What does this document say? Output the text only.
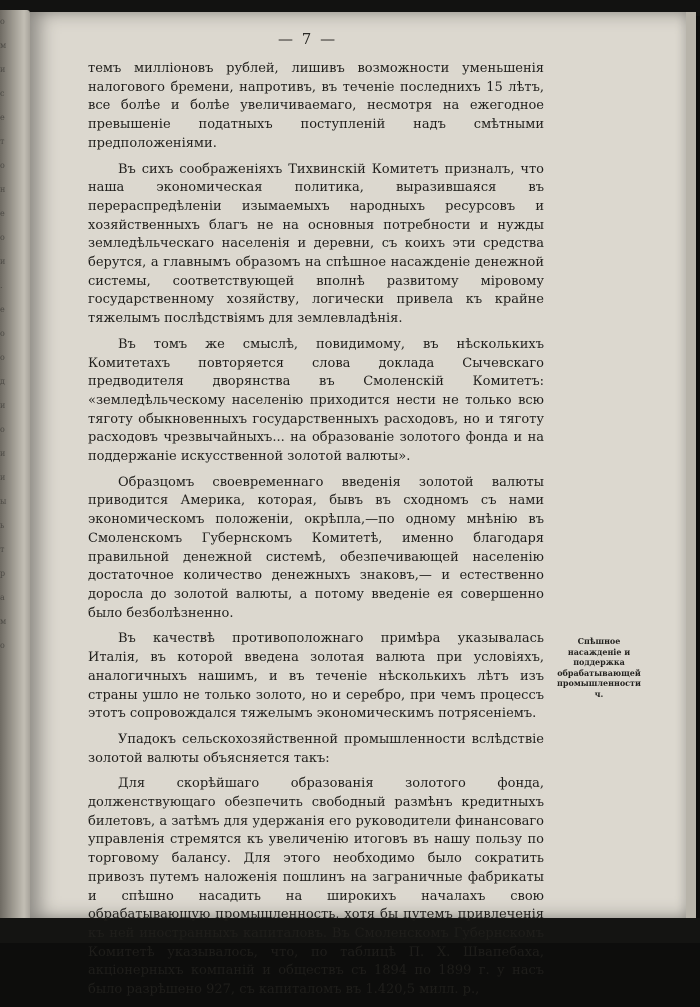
о
м
и
с
е
т
о
н
e
о
и
.
е
о
о
д
и
о
и
и
ы
ь
т
р
а
м
о
— 7 —

темъ миллiоновъ рублей, лишивъ возможности уменьшенiя налогового бремени, напротивъ, въ теченiе последнихъ 15 лѣтъ, все болѣе и болѣе увеличиваемаго, несмотря на ежегодное превышенiе податныхъ поступленiй надъ смѣтными предположенiями.

Въ сихъ соображенiяхъ Тихвинскiй Комитетъ призналъ, что наша экономическая политика, выразившаяся въ перераспредѣленiи изымаемыхъ народныхъ ресурсовъ и хозяйственныхъ благъ не на основныя потребности и нужды земледѣльческаго населенiя и деревни, съ коихъ эти средства берутся, а главнымъ образомъ на спѣшное насажденiе денежной системы, соответствующей вполнѣ развитому мiровому государственному хозяйству, логически привела къ крайне тяжелымъ послѣдствiямъ для землевладѣнiя.

Въ томъ же смыслѣ, повидимому, въ нѣсколькихъ Комитетахъ повторяется слова доклада Сычевскаго предводителя дворянства въ Смоленскiй Комитетъ: «земледѣльческому населенiю приходится нести не только всю тяготу обыкновенныхъ государственныхъ расходовъ, но и тяготу расходовъ чрезвычайныхъ... на образованiе золотого фонда и на поддержанiе искусственной золотой валюты».

Образцомъ своевременнаго введенiя золотой валюты приводится Америка, которая, бывъ въ сходномъ съ нами экономическомъ положенiи, окрѣпла,—по одному мнѣнiю въ Смоленскомъ Губернскомъ Комитетѣ, именно благодаря правильной денежной системѣ, обезпечивающей населенiю достаточное количество денежныхъ знаковъ,— и естественно доросла до золотой валюты, а потому введенiе ея совершенно было безболѣзненно.

Въ качествѣ противоположнаго примѣра указывалась Италiя, въ которой введена золотая валюта при условiяхъ, аналогичныхъ нашимъ, и въ теченiе нѣсколькихъ лѣтъ изъ страны ушло не только золото, но и серебро, при чемъ процессъ этотъ сопровождался тяжелымъ экономическимъ потрясенiемъ.

Упадокъ сельскохозяйственной промышленности вслѣдствiе золотой валюты объясняется такъ:

Для скорѣйшаго образованiя золотого фонда, долженствующаго обезпечить свободный размѣнъ кредитныхъ билетовъ, а затѣмъ для удержанiя его руководители финансоваго управленiя стремятся къ увеличенiю итоговъ въ нашу пользу по торговому балансу. Для этого необходимо было сократить привозъ путемъ наложенiя пошлинъ на заграничные фабрикаты и спѣшно насадить на широкихъ началахъ свою обрабатывающую промышленность, хотя бы путемъ привлеченiя къ ней иностранныхъ капиталовъ. Въ Смоленскомъ Губернскомъ Комитетѣ указывалось, что, по таблицѣ П. Х. Швапебаха, акцiонерныхъ компанiй и обществъ съ 1894 по 1899 г. у насъ было разрѣшено 927, съ капиталомъ въ 1.420,5 милл. р.,

Спѣшное насажденiе и поддержка обрабатывающей промышленности ч.
